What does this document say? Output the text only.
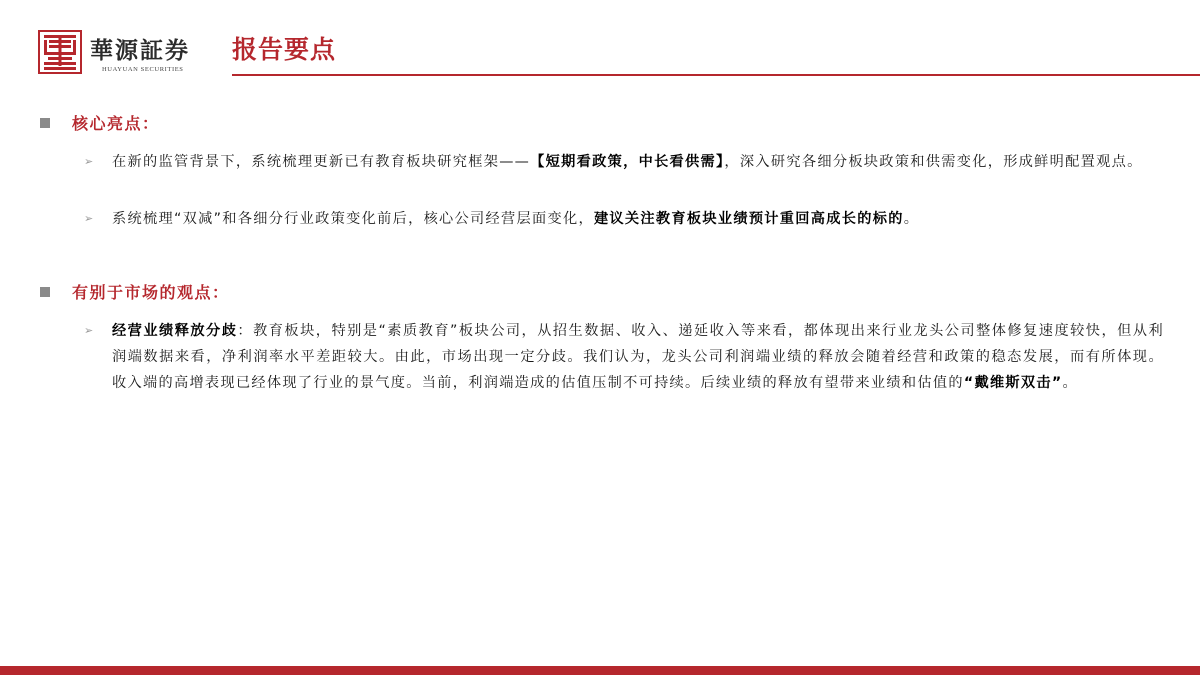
華源証券
HUAYUAN SECURITIES
报告要点
核心亮点：
➢	在新的监管背景下，系统梳理更新已有教育板块研究框架——【短期看政策，中长看供需】，深入研究各细分板块政策和供需变化，形成鲜明配置观点。
➢	系统梳理“双减”和各细分行业政策变化前后，核心公司经营层面变化，建议关注教育板块业绩预计重回高成长的标的。
有别于市场的观点：
➢	经营业绩释放分歧：教育板块，特别是“素质教育”板块公司，从招生数据、收入、递延收入等来看，都体现出来行业龙头公司整体修复速度较快，但从利润端数据来看，净利润率水平差距较大。由此，市场出现一定分歧。我们认为，龙头公司利润端业绩的释放会随着经营和政策的稳态发展，而有所体现。收入端的高增表现已经体现了行业的景气度。当前，利润端造成的估值压制不可持续。后续业绩的释放有望带来业绩和估值的“戴维斯双击”。
